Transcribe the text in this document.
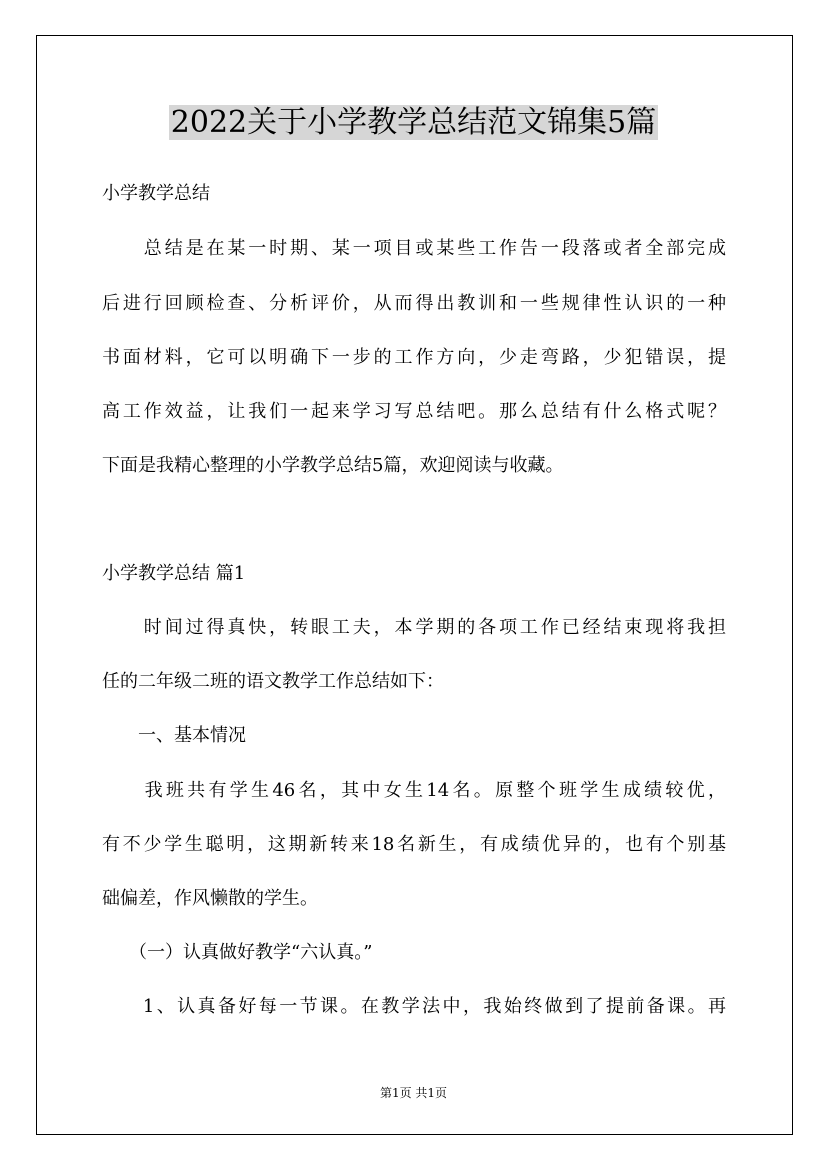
2022关于小学教学总结范文锦集5篇
小学教学总结
　　总结是在某一时期、某一项目或某些工作告一段落或者全部完成
后进行回顾检查、分析评价，从而得出教训和一些规律性认识的一种
书面材料，它可以明确下一步的工作方向，少走弯路，少犯错误，提
高工作效益，让我们一起来学习写总结吧。那么总结有什么格式呢？
下面是我精心整理的小学教学总结5篇，欢迎阅读与收藏。
小学教学总结 篇1
　　时间过得真快，转眼工夫，本学期的各项工作已经结束现将我担
任的二年级二班的语文教学工作总结如下：
　　一、基本情况
　　我班共有学生46名，其中女生14名。原整个班学生成绩较优，
有不少学生聪明，这期新转来18名新生，有成绩优异的，也有个别基
础偏差，作风懒散的学生。
　　（一）认真做好教学“六认真。”
　　1、认真备好每一节课。在教学法中，我始终做到了提前备课。再
第1页 共1页
